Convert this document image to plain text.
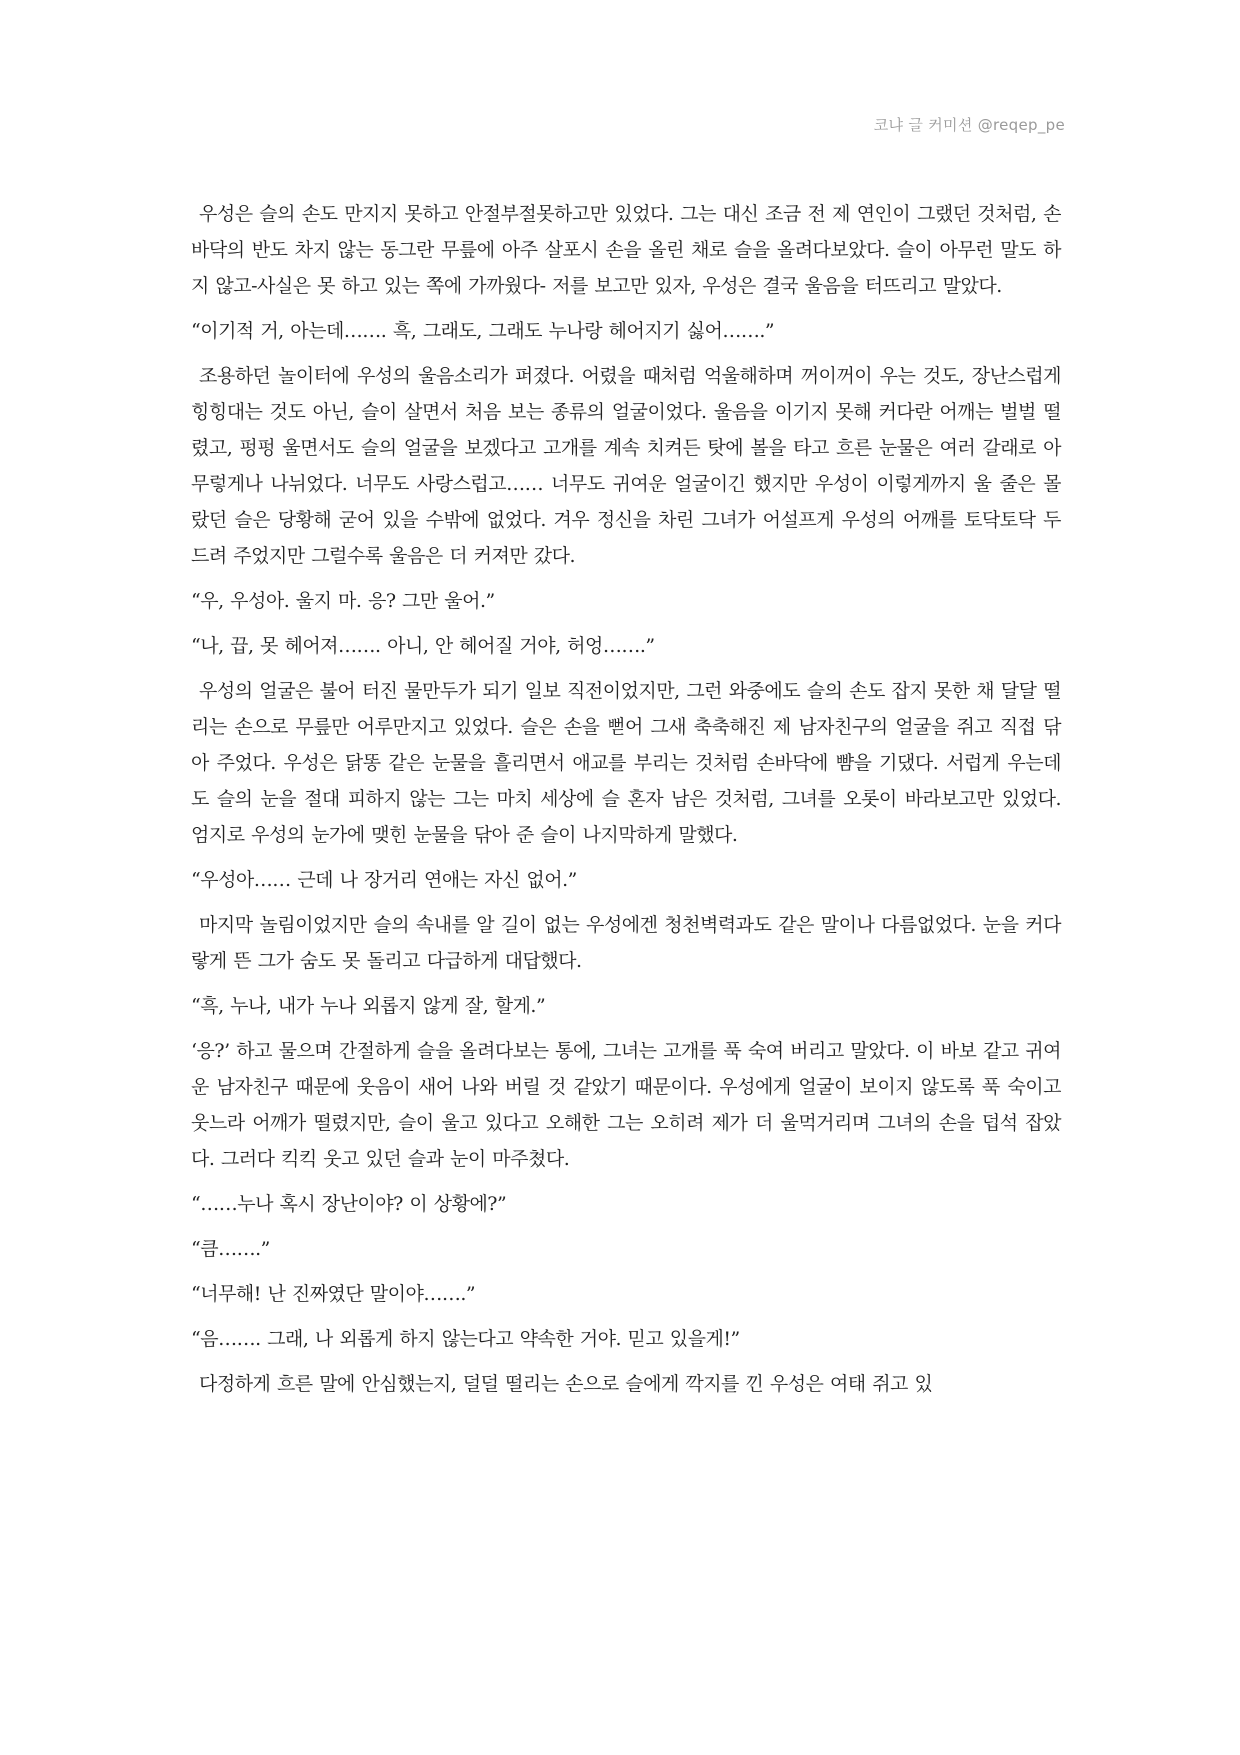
코냐 글 커미션 @reqep_pe

우성은 슬의 손도 만지지 못하고 안절부절못하고만 있었다. 그는 대신 조금 전 제 연인이 그랬던 것처럼, 손바닥의 반도 차지 않는 동그란 무릎에 아주 살포시 손을 올린 채로 슬을 올려다보았다. 슬이 아무런 말도 하지 않고-사실은 못 하고 있는 쪽에 가까웠다- 저를 보고만 있자, 우성은 결국 울음을 터뜨리고 말았다.

“이기적 거, 아는데……. 흑, 그래도, 그래도 누나랑 헤어지기 싫어…….”

조용하던 놀이터에 우성의 울음소리가 퍼졌다. 어렸을 때처럼 억울해하며 꺼이꺼이 우는 것도, 장난스럽게 힝힝대는 것도 아닌, 슬이 살면서 처음 보는 종류의 얼굴이었다. 울음을 이기지 못해 커다란 어깨는 벌벌 떨렸고, 펑펑 울면서도 슬의 얼굴을 보겠다고 고개를 계속 치켜든 탓에 볼을 타고 흐른 눈물은 여러 갈래로 아무렇게나 나뉘었다. 너무도 사랑스럽고…… 너무도 귀여운 얼굴이긴 했지만 우성이 이렇게까지 울 줄은 몰랐던 슬은 당황해 굳어 있을 수밖에 없었다. 겨우 정신을 차린 그녀가 어설프게 우성의 어깨를 토닥토닥 두드려 주었지만 그럴수록 울음은 더 커져만 갔다.

“우, 우성아. 울지 마. 응? 그만 울어.”

“나, 끕, 못 헤어져……. 아니, 안 헤어질 거야, 허엉…….”

우성의 얼굴은 불어 터진 물만두가 되기 일보 직전이었지만, 그런 와중에도 슬의 손도 잡지 못한 채 달달 떨리는 손으로 무릎만 어루만지고 있었다. 슬은 손을 뻗어 그새 축축해진 제 남자친구의 얼굴을 쥐고 직접 닦아 주었다. 우성은 닭똥 같은 눈물을 흘리면서 애교를 부리는 것처럼 손바닥에 뺨을 기댔다. 서럽게 우는데도 슬의 눈을 절대 피하지 않는 그는 마치 세상에 슬 혼자 남은 것처럼, 그녀를 오롯이 바라보고만 있었다. 엄지로 우성의 눈가에 맺힌 눈물을 닦아 준 슬이 나지막하게 말했다.

“우성아…… 근데 나 장거리 연애는 자신 없어.”

마지막 놀림이었지만 슬의 속내를 알 길이 없는 우성에겐 청천벽력과도 같은 말이나 다름없었다. 눈을 커다랗게 뜬 그가 숨도 못 돌리고 다급하게 대답했다.

“흑, 누나, 내가 누나 외롭지 않게 잘, 할게.”

‘응?’ 하고 물으며 간절하게 슬을 올려다보는 통에, 그녀는 고개를 푹 숙여 버리고 말았다. 이 바보 같고 귀여운 남자친구 때문에 웃음이 새어 나와 버릴 것 같았기 때문이다. 우성에게 얼굴이 보이지 않도록 푹 숙이고 웃느라 어깨가 떨렸지만, 슬이 울고 있다고 오해한 그는 오히려 제가 더 울먹거리며 그녀의 손을 덥석 잡았다. 그러다 킥킥 웃고 있던 슬과 눈이 마주쳤다.

“……누나 혹시 장난이야? 이 상황에?”

“큼…….”

“너무해! 난 진짜였단 말이야…….”

“음……. 그래, 나 외롭게 하지 않는다고 약속한 거야. 믿고 있을게!”

다정하게 흐른 말에 안심했는지, 덜덜 떨리는 손으로 슬에게 깍지를 낀 우성은 여태 쥐고 있
